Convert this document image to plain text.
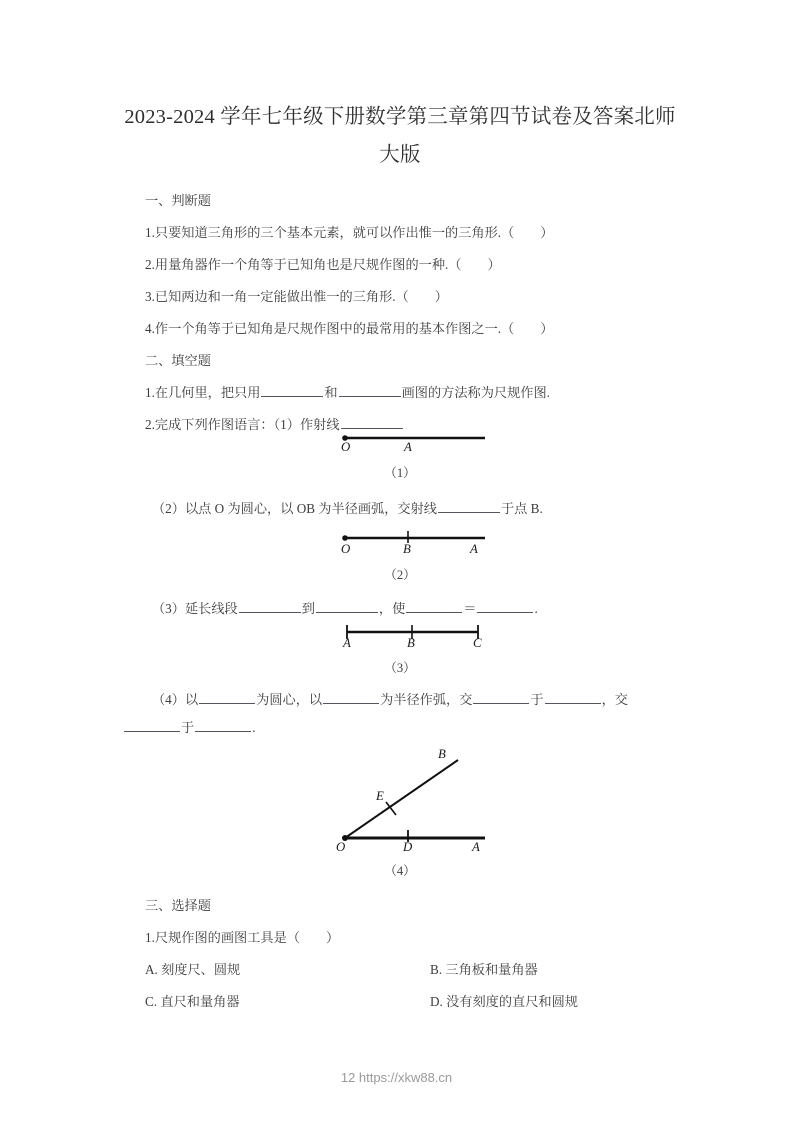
2023-2024 学年七年级下册数学第三章第四节试卷及答案北师大版
一、判断题
1.只要知道三角形的三个基本元素，就可以作出惟一的三角形.（ ）
2.用量角器作一个角等于已知角也是尺规作图的一种.（ ）
3.已知两边和一角一定能做出惟一的三角形.（ ）
4.作一个角等于已知角是尺规作图中的最常用的基本作图之一.（ ）
二、填空题
1.在几何里，把只用	和	画图的方法称为尺规作图.
2.完成下列作图语言：（1）作射线
O	A
（1）
（2）以点 O 为圆心，以 OB 为半径画弧，交射线	于点 B.
O	B	A
（2）
（3）延长线段	到	，使	＝	.
A	B	C
（3）
（4）以	为圆心，以	为半径作弧，交	于	，交
于	.
O	D	A
E
B
（4）
三、选择题
1.尺规作图的画图工具是（ ）
A. 刻度尺、圆规	B. 三角板和量角器
C. 直尺和量角器	D. 没有刻度的直尺和圆规
12 https://xkw88.cn
